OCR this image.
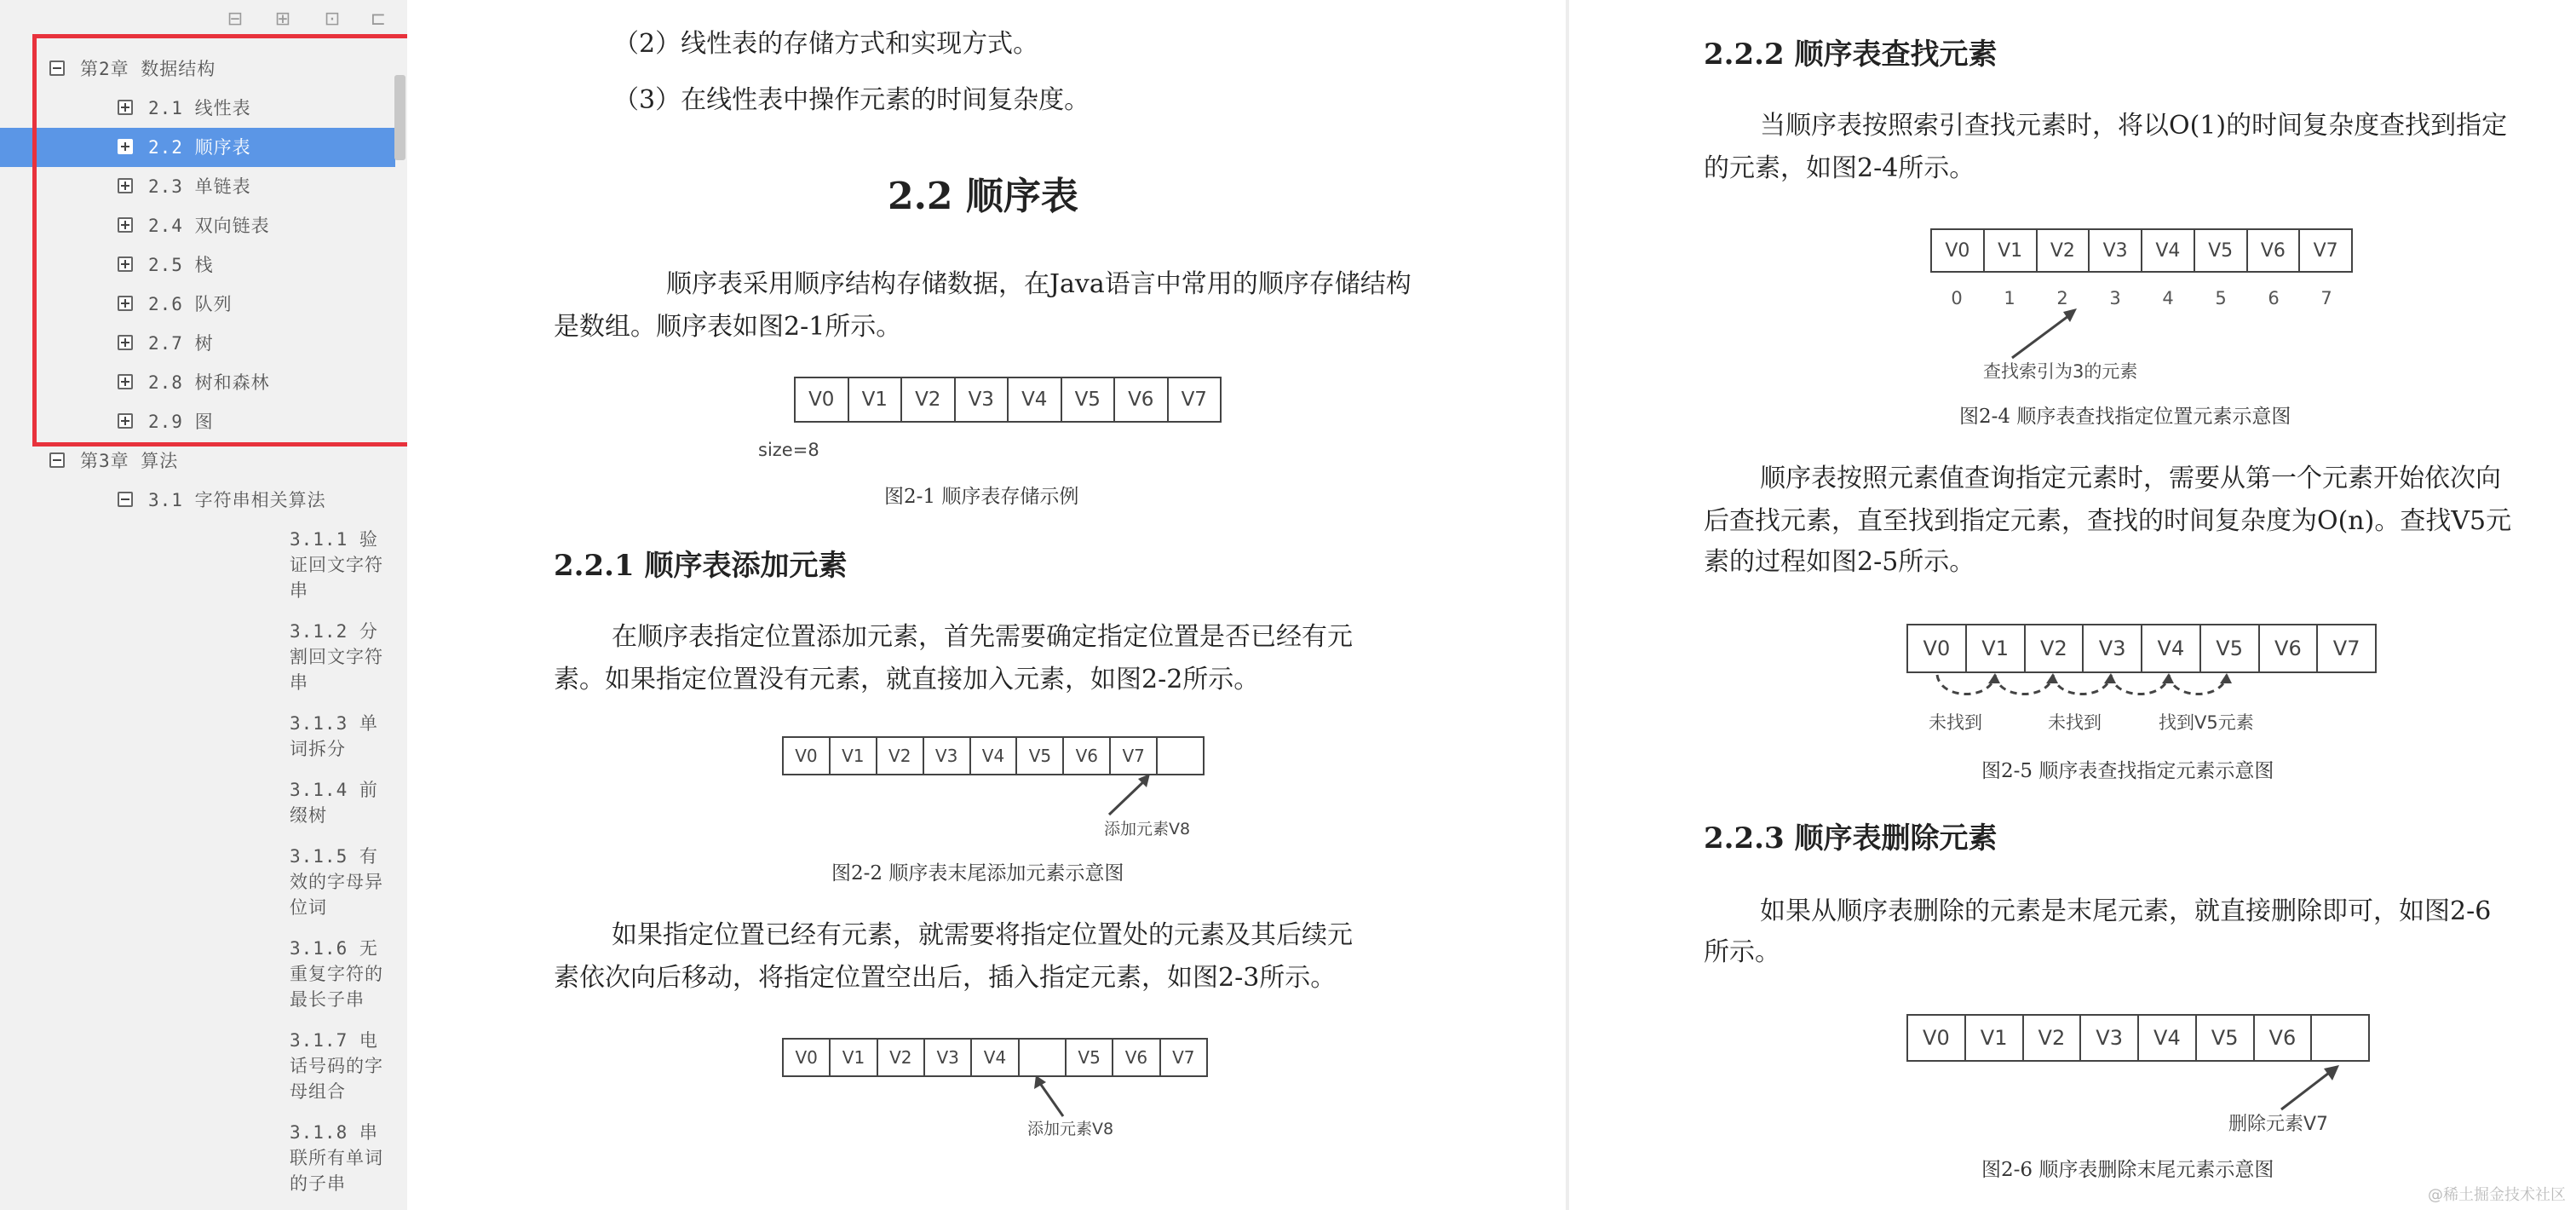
⊟ ⊞ ⊡ ⊏
第2章 数据结构
2.1 线性表
2.2 顺序表
2.3 单链表
2.4 双向链表
2.5 栈
2.6 队列
2.7 树
2.8 树和森林
2.9 图
第3章 算法
3.1 字符串相关算法
3.1.1 验
证回文字符
串
3.1.2 分
割回文字符
串
3.1.3 单
词拆分
3.1.4 前
缀树
3.1.5 有
效的字母异
位词
3.1.6 无
重复字符的
最长子串
3.1.7 电
话号码的字
母组合
3.1.8 串
联所有单词
的子串
（2）线性表的存储方式和实现方式。
（3）在线性表中操作元素的时间复杂度。
2.2 顺序表
顺序表采用顺序结构存储数据，在Java语言中常用的顺序存储结构
是数组。顺序表如图2-1所示。
V0	V1	V2	V3	V4	V5	V6	V7
size=8
图2-1 顺序表存储示例
2.2.1 顺序表添加元素
在顺序表指定位置添加元素，首先需要确定指定位置是否已经有元
素。如果指定位置没有元素，就直接加入元素，如图2-2所示。
V0	V1	V2	V3	V4	V5	V6	V7
添加元素V8
图2-2 顺序表末尾添加元素示意图
如果指定位置已经有元素，就需要将指定位置处的元素及其后续元
素依次向后移动，将指定位置空出后，插入指定元素，如图2-3所示。
V0	V1	V2	V3	V4	V5	V6	V7
添加元素V8
2.2.2 顺序表查找元素
当顺序表按照索引查找元素时，将以O(1)的时间复杂度查找到指定
的元素，如图2-4所示。
V0	V1	V2	V3	V4	V5	V6	V7
0	1	2	3	4	5	6	7
查找索引为3的元素
图2-4 顺序表查找指定位置元素示意图
顺序表按照元素值查询指定元素时，需要从第一个元素开始依次向
后查找元素，直至找到指定元素，查找的时间复杂度为O(n)。查找V5元
素的过程如图2-5所示。
V0	V1	V2	V3	V4	V5	V6	V7
未找到	未找到	找到V5元素
图2-5 顺序表查找指定元素示意图
2.2.3 顺序表删除元素
如果从顺序表删除的元素是末尾元素，就直接删除即可，如图2-6
所示。
V0	V1	V2	V3	V4	V5	V6
删除元素V7
图2-6 顺序表删除末尾元素示意图
@稀土掘金技术社区
